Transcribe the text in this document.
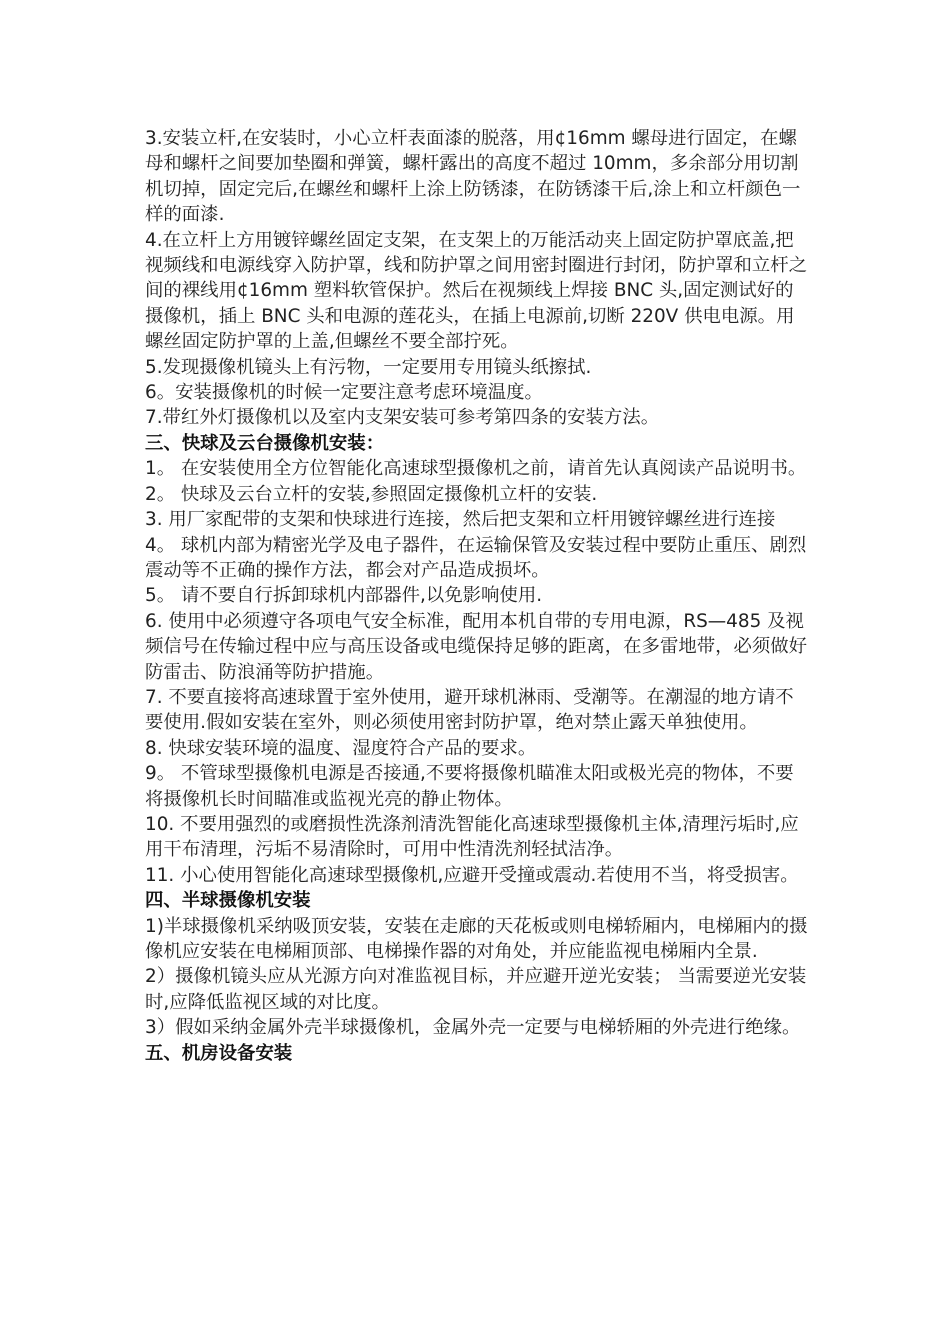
3.安装立杆,在安装时，小心立杆表面漆的脱落，用¢16mm 螺母进行固定，在螺母和螺杆之间要加垫圈和弹簧，螺杆露出的高度不超过 10mm，多余部分用切割机切掉，固定完后,在螺丝和螺杆上涂上防锈漆，在防锈漆干后,涂上和立杆颜色一样的面漆.

4.在立杆上方用镀锌螺丝固定支架，在支架上的万能活动夹上固定防护罩底盖,把视频线和电源线穿入防护罩，线和防护罩之间用密封圈进行封闭，防护罩和立杆之间的裸线用¢16mm 塑料软管保护。然后在视频线上焊接 BNC 头,固定测试好的摄像机，插上 BNC 头和电源的莲花头，在插上电源前,切断 220V 供电电源。用螺丝固定防护罩的上盖,但螺丝不要全部拧死。

5.发现摄像机镜头上有污物，一定要用专用镜头纸擦拭.

6。安装摄像机的时候一定要注意考虑环境温度。

7.带红外灯摄像机以及室内支架安装可参考第四条的安装方法。

三、快球及云台摄像机安装：

1。 在安装使用全方位智能化高速球型摄像机之前，请首先认真阅读产品说明书。

2。 快球及云台立杆的安装,参照固定摄像机立杆的安装.

3. 用厂家配带的支架和快球进行连接，然后把支架和立杆用镀锌螺丝进行连接

4。 球机内部为精密光学及电子器件，在运输保管及安装过程中要防止重压、剧烈震动等不正确的操作方法，都会对产品造成损坏。

5。 请不要自行拆卸球机内部器件,以免影响使用.

6. 使用中必须遵守各项电气安全标准，配用本机自带的专用电源，RS—485 及视频信号在传输过程中应与高压设备或电缆保持足够的距离，在多雷地带，必须做好防雷击、防浪涌等防护措施。

7. 不要直接将高速球置于室外使用，避开球机淋雨、受潮等。在潮湿的地方请不要使用.假如安装在室外，则必须使用密封防护罩，绝对禁止露天单独使用。

8. 快球安装环境的温度、湿度符合产品的要求。

9。 不管球型摄像机电源是否接通,不要将摄像机瞄准太阳或极光亮的物体，不要将摄像机长时间瞄准或监视光亮的静止物体。

10. 不要用强烈的或磨损性洗涤剂清洗智能化高速球型摄像机主体,清理污垢时,应用干布清理，污垢不易清除时，可用中性清洗剂轻拭洁净。

11. 小心使用智能化高速球型摄像机,应避开受撞或震动.若使用不当，将受损害。

四、半球摄像机安装

1)半球摄像机采纳吸顶安装，安装在走廊的天花板或则电梯轿厢内，电梯厢内的摄像机应安装在电梯厢顶部、电梯操作器的对角处，并应能监视电梯厢内全景.

2）摄像机镜头应从光源方向对准监视目标，并应避开逆光安装； 当需要逆光安装时,应降低监视区域的对比度。

3）假如采纳金属外壳半球摄像机，金属外壳一定要与电梯轿厢的外壳进行绝缘。

五、机房设备安装
